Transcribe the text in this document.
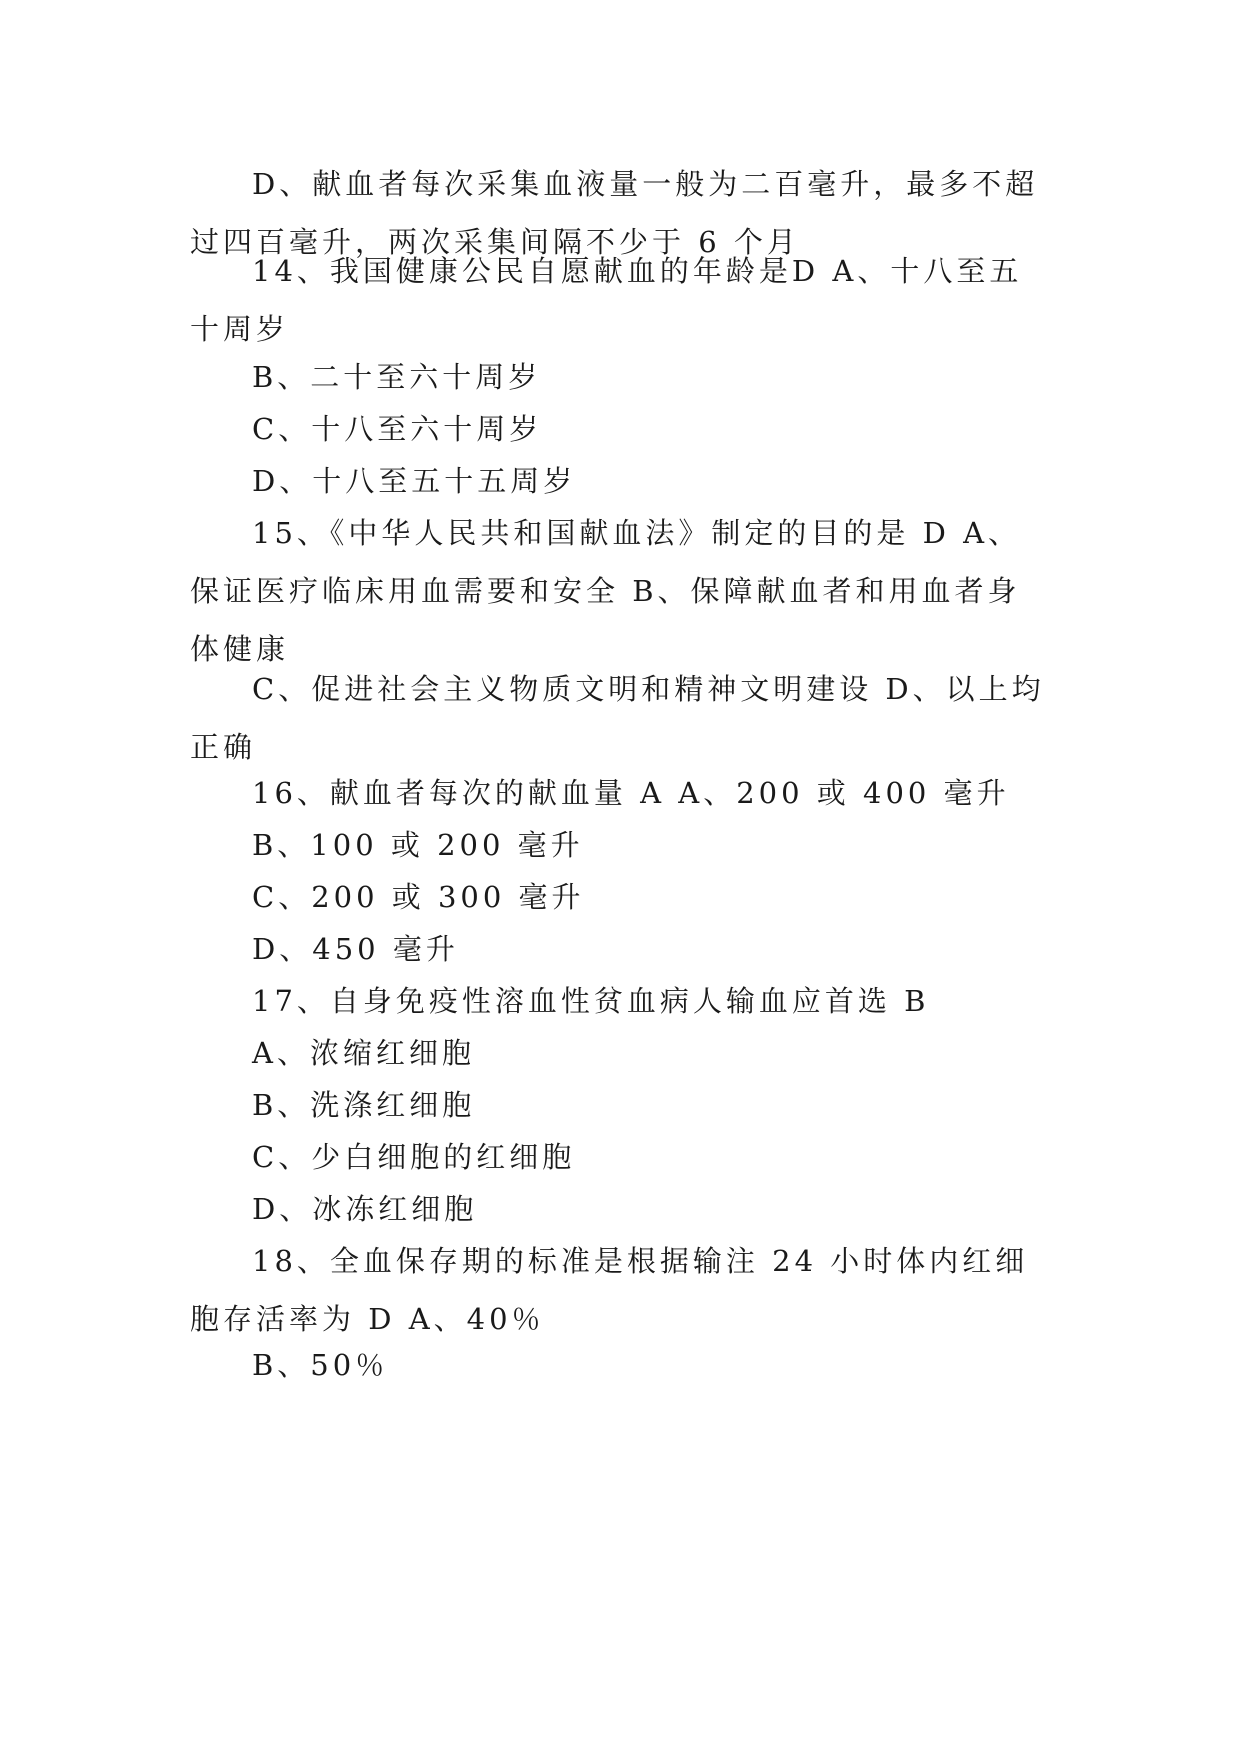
D、献血者每次采集血液量一般为二百毫升，最多不超过四百毫升，两次采集间隔不少于 6 个月

14、我国健康公民自愿献血的年龄是D A、十八至五十周岁

B、二十至六十周岁

C、十八至六十周岁

D、十八至五十五周岁

15、《中华人民共和国献血法》制定的目的是 D A、保证医疗临床用血需要和安全 B、保障献血者和用血者身体健康

C、促进社会主义物质文明和精神文明建设 D、以上均正确

16、献血者每次的献血量 A A、200 或 400 毫升

B、100 或 200 毫升

C、200 或 300 毫升

D、450 毫升

17、自身免疫性溶血性贫血病人输血应首选 B

A、浓缩红细胞

B、洗涤红细胞

C、少白细胞的红细胞

D、冰冻红细胞

18、全血保存期的标准是根据输注 24 小时体内红细胞存活率为 D A、40％

B、50％
